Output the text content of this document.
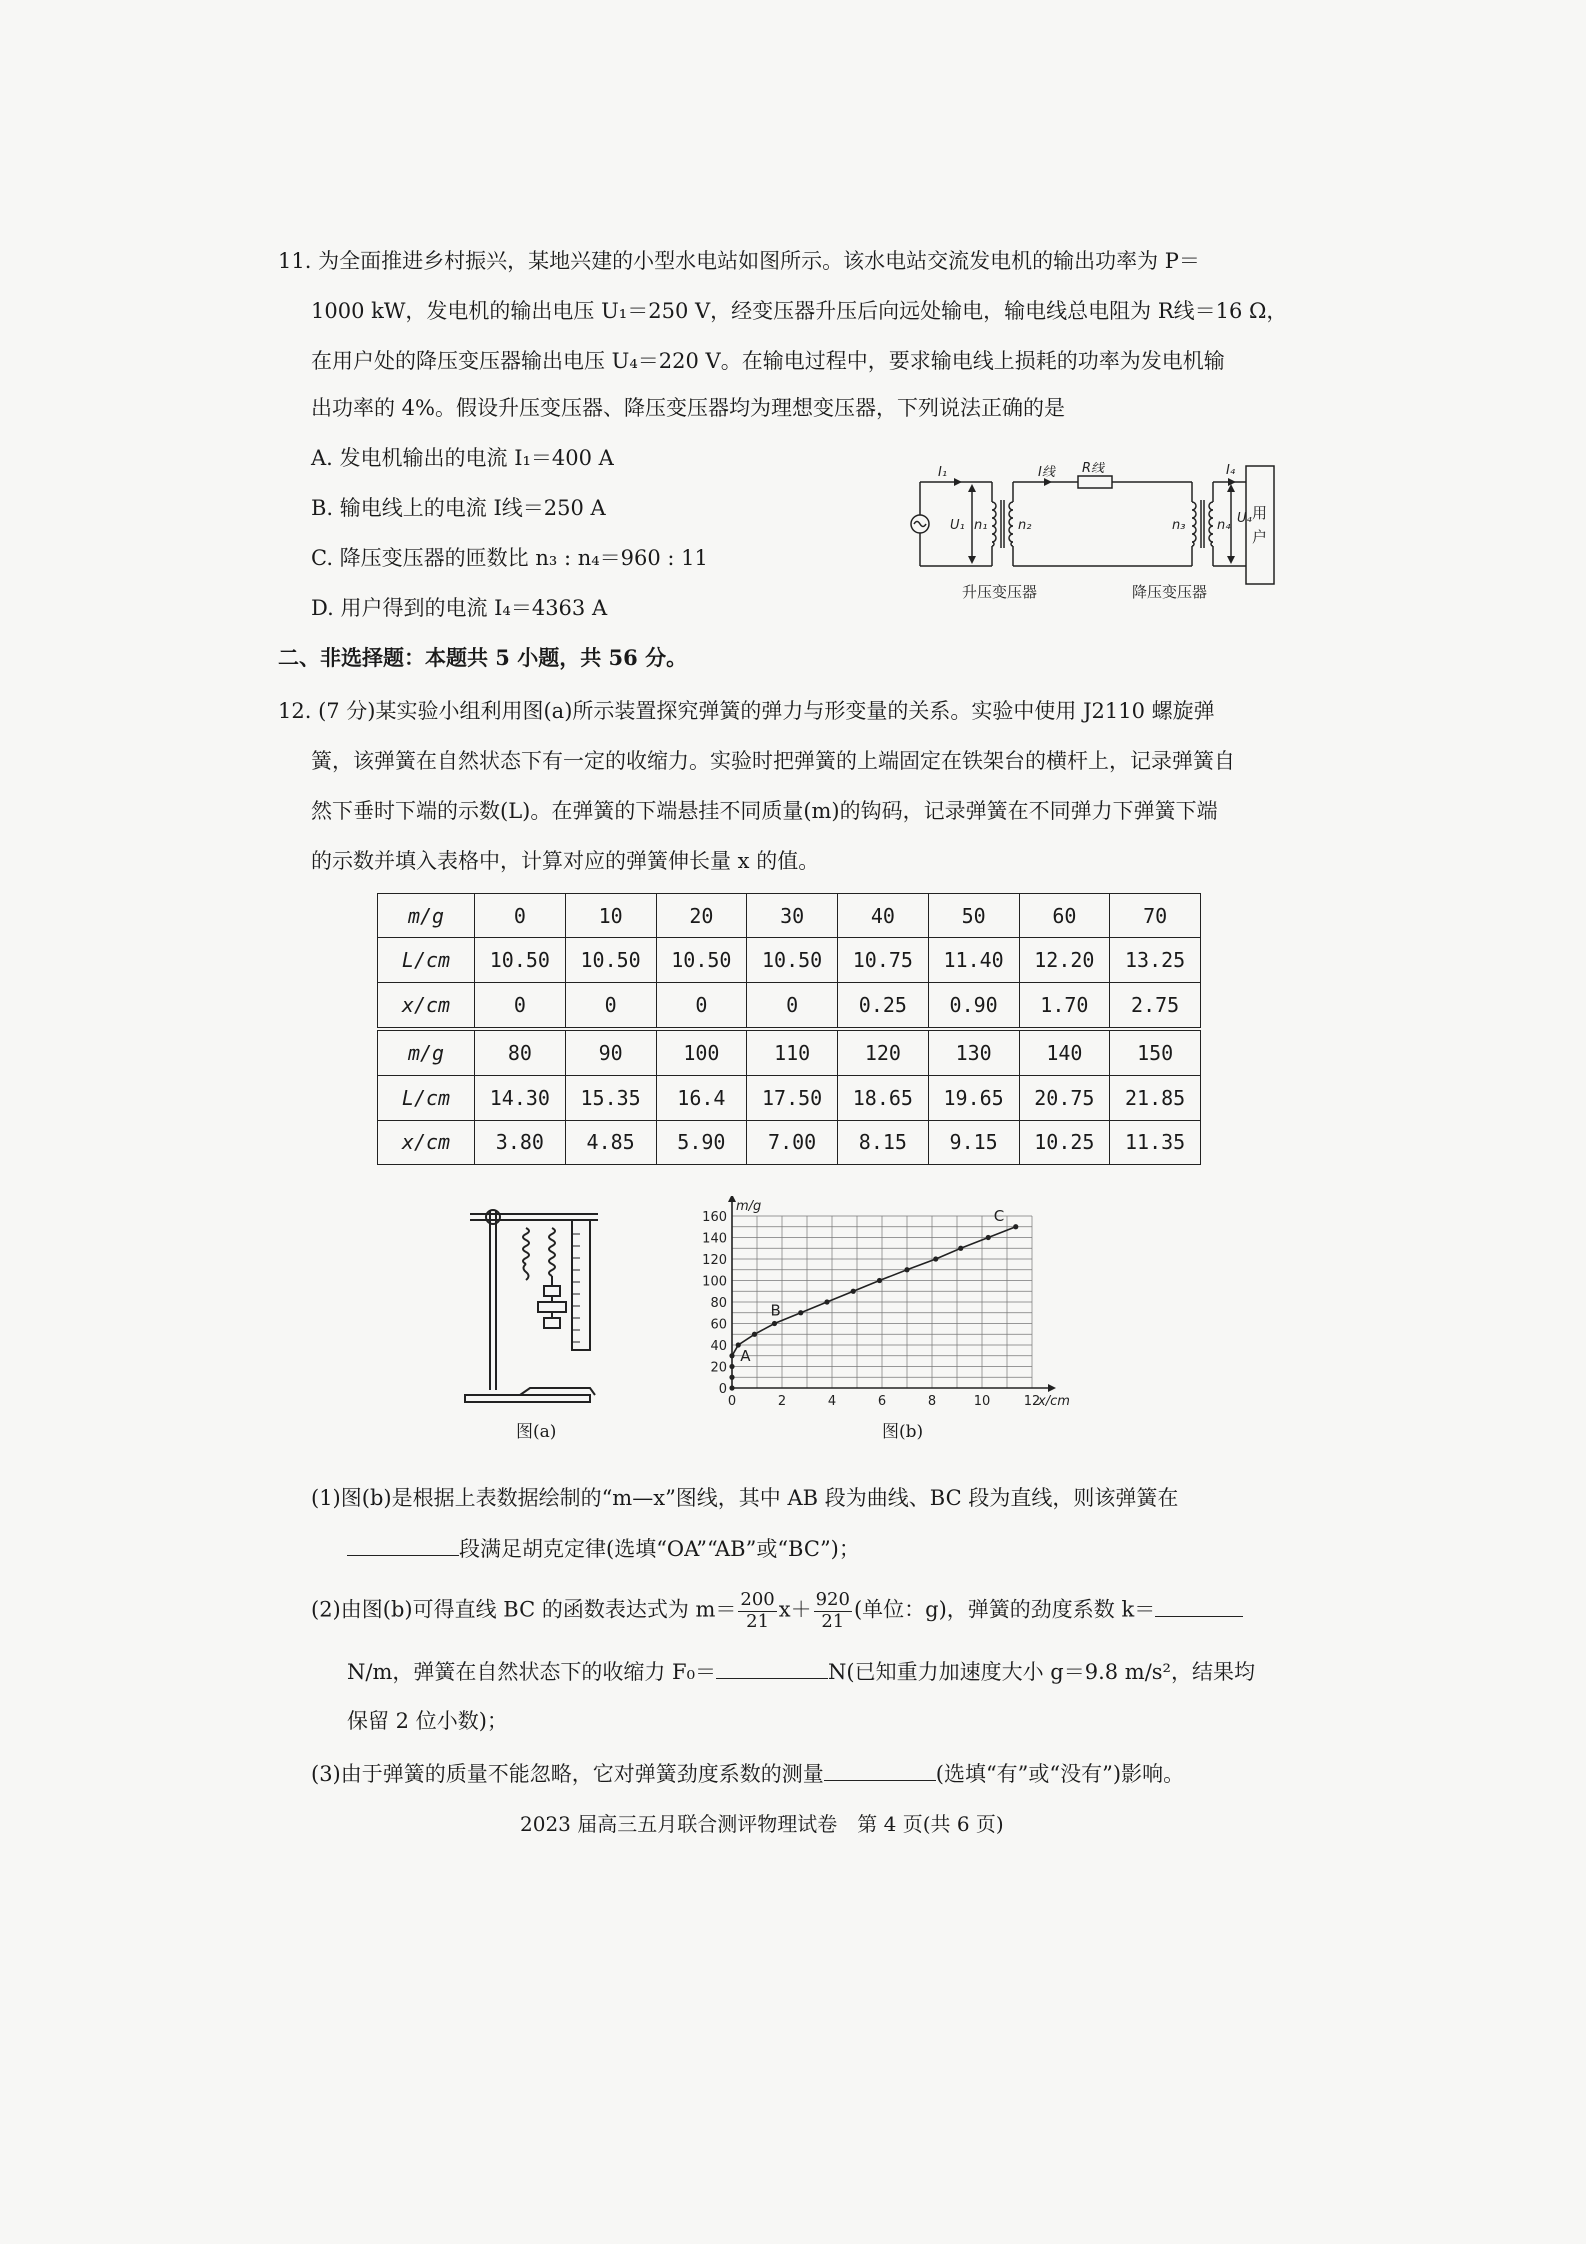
11. 为全面推进乡村振兴，某地兴建的小型水电站如图所示。该水电站交流发电机的输出功率为 P＝
1000 kW，发电机的输出电压 U₁＝250 V，经变压器升压后向远处输电，输电线总电阻为 R线＝16 Ω，
在用户处的降压变压器输出电压 U₄＝220 V。在输电过程中，要求输电线上损耗的功率为发电机输
出功率的 4%。假设升压变压器、降压变压器均为理想变压器，下列说法正确的是
A. 发电机输出的电流 I₁＝400 A
B. 输电线上的电流 I线＝250 A
C. 降压变压器的匝数比 n₃ : n₄＝960 : 11
D. 用户得到的电流 I₄＝4363 A
I₁	I线 R线	I₄
U₁ n₁ n₂	n₃ n₄ U₄ 用
户
升压变压器	降压变压器
二、非选择题：本题共 5 小题，共 56 分。
12. (7 分)某实验小组利用图(a)所示装置探究弹簧的弹力与形变量的关系。实验中使用 J2110 螺旋弹
簧，该弹簧在自然状态下有一定的收缩力。实验时把弹簧的上端固定在铁架台的横杆上，记录弹簧自
然下垂时下端的示数(L)。在弹簧的下端悬挂不同质量(m)的钩码，记录弹簧在不同弹力下弹簧下端
的示数并填入表格中，计算对应的弹簧伸长量 x 的值。
m/g	0	10	20	30	40	50	60	70
L/cm	10.50	10.50	10.50	10.50	10.75	11.40	12.20	13.25
x/cm	0	0	0	0	0.25	0.90	1.70	2.75
m/g	80	90	100	110	120	130	140	150
L/cm	14.30	15.35	16.4	17.50	18.65	19.65	20.75	21.85
x/cm	3.80	4.85	5.90	7.00	8.15	9.15	10.25	11.35
图(a)
0
20
40
60
80
100
120
140
160
0	2	4	6	8	10	12
A
B
C
m/g
x/cm
图(b)
(1)图(b)是根据上表数据绘制的“m—x”图线，其中 AB 段为曲线、BC 段为直线，则该弹簧在
段满足胡克定律(选填“OA”“AB”或“BC”)；
(2)由图(b)可得直线 BC 的函数表达式为 $m= \frac{200}{21} x+ \frac{920}{21}$ (单位：g)，弹簧的劲度系数 k＝
N/m，弹簧在自然状态下的收缩力 F₀＝	N(已知重力加速度大小 g＝9.8 m/s²，结果均
保留 2 位小数)；
(3)由于弹簧的质量不能忽略，它对弹簧劲度系数的测量	(选填“有”或“没有”)影响。
2023 届高三五月联合测评物理试卷　第 4 页(共 6 页)
